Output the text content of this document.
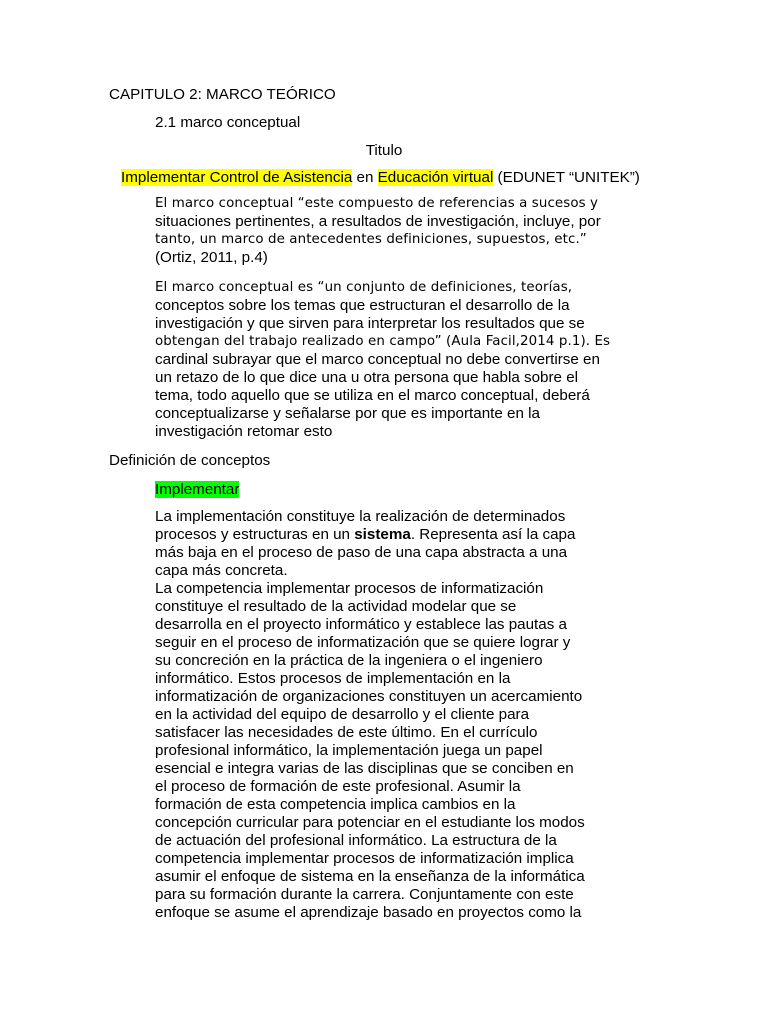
CAPITULO 2: MARCO TEÓRICO
2.1 marco conceptual
Titulo
Implementar Control de Asistencia en Educación virtual (EDUNET “UNITEK”)
El marco conceptual “este compuesto de referencias a sucesos y
situaciones pertinentes, a resultados de investigación, incluye, por
tanto, un marco de antecedentes definiciones, supuestos, etc.”
(Ortiz, 2011, p.4)
El marco conceptual es “un conjunto de definiciones, teorías,
conceptos sobre los temas que estructuran el desarrollo de la
investigación y que sirven para interpretar los resultados que se
obtengan del trabajo realizado en campo” (Aula Facil,2014 p.1). Es
cardinal subrayar que el marco conceptual no debe convertirse en
un retazo de lo que dice una u otra persona que habla sobre el
tema, todo aquello que se utiliza en el marco conceptual, deberá
conceptualizarse y señalarse por que es importante en la
investigación retomar esto
Definición de conceptos
Implementar
La implementación constituye la realización de determinados
procesos y estructuras en un sistema. Representa así la capa
más baja en el proceso de paso de una capa abstracta a una
capa más concreta.
La competencia implementar procesos de informatización
constituye el resultado de la actividad modelar que se
desarrolla en el proyecto informático y establece las pautas a
seguir en el proceso de informatización que se quiere lograr y
su concreción en la práctica de la ingeniera o el ingeniero
informático. Estos procesos de implementación en la
informatización de organizaciones constituyen un acercamiento
en la actividad del equipo de desarrollo y el cliente para
satisfacer las necesidades de este último. En el currículo
profesional informático, la implementación juega un papel
esencial e integra varias de las disciplinas que se conciben en
el proceso de formación de este profesional. Asumir la
formación de esta competencia implica cambios en la
concepción curricular para potenciar en el estudiante los modos
de actuación del profesional informático. La estructura de la
competencia implementar procesos de informatización implica
asumir el enfoque de sistema en la enseñanza de la informática
para su formación durante la carrera. Conjuntamente con este
enfoque se asume el aprendizaje basado en proyectos como la
